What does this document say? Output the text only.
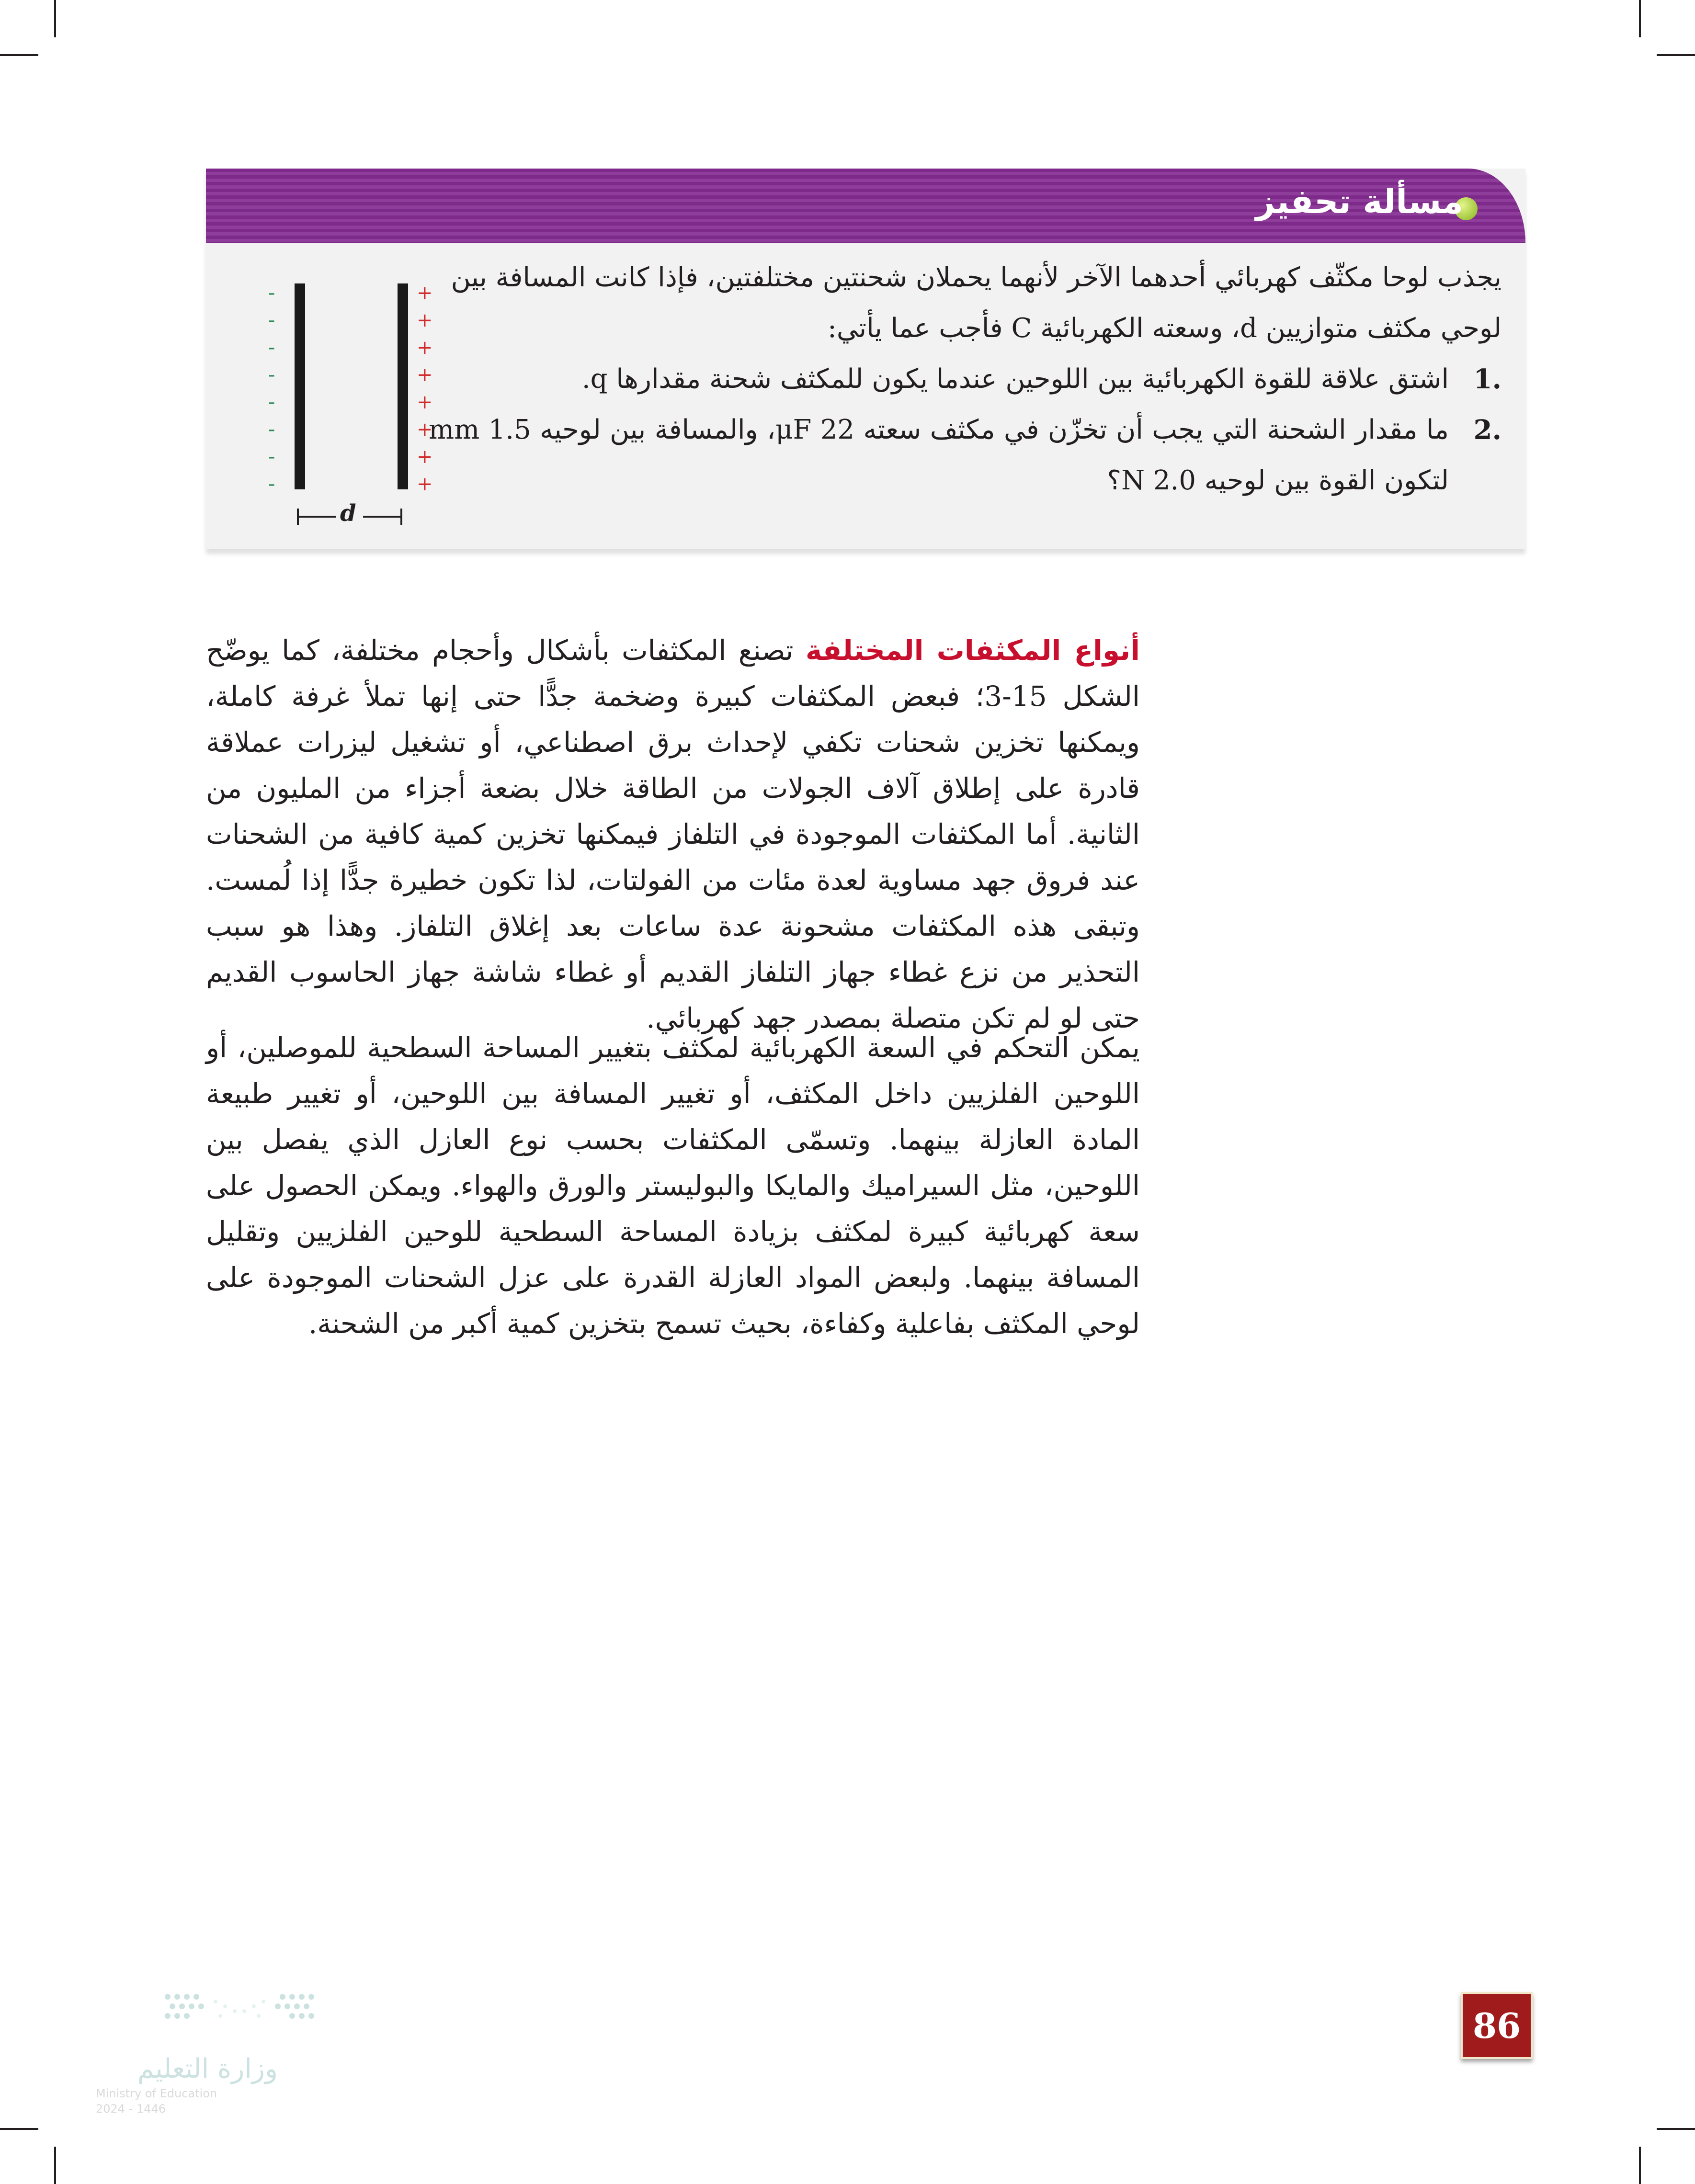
مسألة تحفيز
-
-
-
-
-
-
-
-
+
+
+
+
+
+
+
+
d

يجذب لوحا مكثّف كهربائي أحدهما الآخر لأنهما يحملان شحنتين مختلفتين، فإذا كانت المسافة بين

لوحي مكثف متوازيين d، وسعته الكهربائية C فأجب عما يأتي:

1.
اشتق علاقة للقوة الكهربائية بين اللوحين عندما يكون للمكثف شحنة مقدارها q.

2.
ما مقدار الشحنة التي يجب أن تخزّن في مكثف سعته 22 μF، والمسافة بين لوحيه 1.5 mm لتكون القوة بين لوحيه 2.0 N؟

أنواع المكثفات المختلفة تصنع المكثفات بأشكال وأحجام مختلفة، كما يوضّح الشكل 15-3؛ فبعض المكثفات كبيرة وضخمة جدًّا حتى إنها تملأ غرفة كاملة، ويمكنها تخزين شحنات تكفي لإحداث برق اصطناعي، أو تشغيل ليزرات عملاقة قادرة على إطلاق آلاف الجولات من الطاقة خلال بضعة أجزاء من المليون من الثانية. أما المكثفات الموجودة في التلفاز فيمكنها تخزين كمية كافية من الشحنات عند فروق جهد مساوية لعدة مئات من الفولتات، لذا تكون خطيرة جدًّا إذا لُمست. وتبقى هذه المكثفات مشحونة عدة ساعات بعد إغلاق التلفاز. وهذا هو سبب التحذير من نزع غطاء جهاز التلفاز القديم أو غطاء شاشة جهاز الحاسوب القديم حتى لو لم تكن متصلة بمصدر جهد كهربائي.

يمكن التحكم في السعة الكهربائية لمكثف بتغيير المساحة السطحية للموصلين، أو اللوحين الفلزيين داخل المكثف، أو تغيير المسافة بين اللوحين، أو تغيير طبيعة المادة العازلة بينهما. وتسمّى المكثفات بحسب نوع العازل الذي يفصل بين اللوحين، مثل السيراميك والمايكا والبوليستر والورق والهواء. ويمكن الحصول على سعة كهربائية كبيرة لمكثف بزيادة المساحة السطحية للوحين الفلزيين وتقليل المسافة بينهما. ولبعض المواد العازلة القدرة على عزل الشحنات الموجودة على لوحي المكثف بفاعلية وكفاءة، بحيث تسمح بتخزين كمية أكبر من الشحنة.

86
وزارة التعليم
Ministry of Education
2024 - 1446
